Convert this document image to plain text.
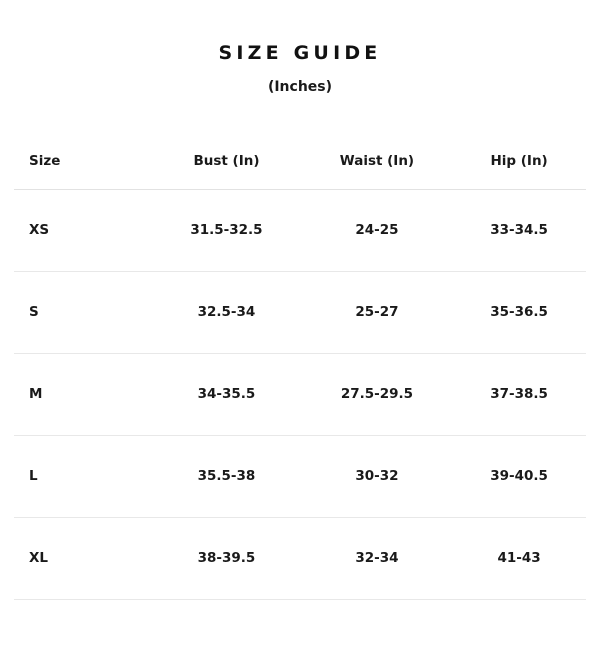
SIZE GUIDE
(Inches)
Size	Bust (In)	Waist (In)	Hip (In)
XS	31.5-32.5	24-25	33-34.5
S	32.5-34	25-27	35-36.5
M	34-35.5	27.5-29.5	37-38.5
L	35.5-38	30-32	39-40.5
XL	38-39.5	32-34	41-43
